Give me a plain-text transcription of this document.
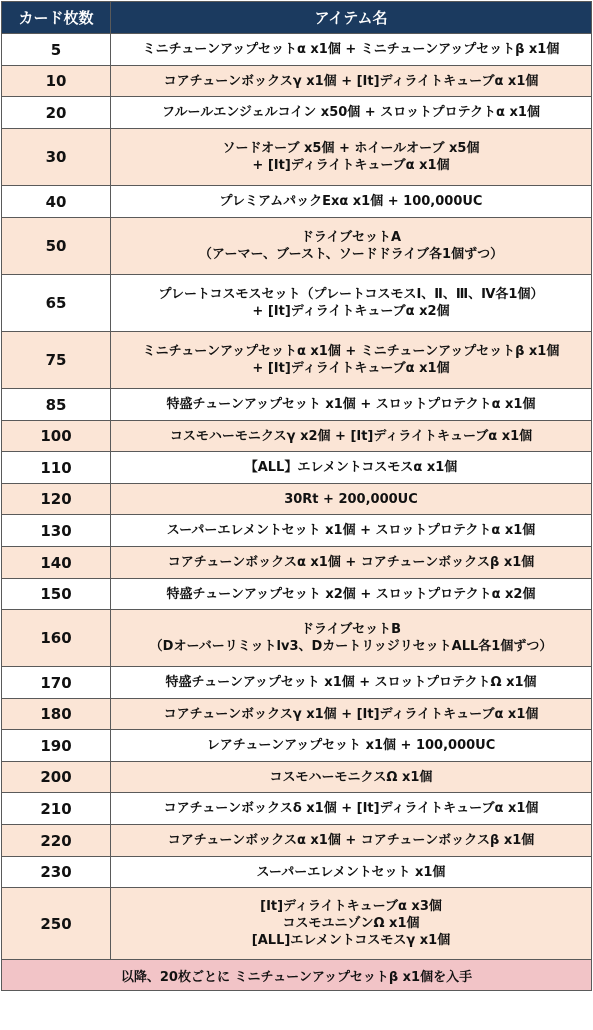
カード枚数	アイテム名
5	ミニチューンアップセットα x1個 + ミニチューンアップセットβ x1個
10	コアチューンボックスγ x1個 + [It]ディライトキューブα x1個
20	フルールエンジェルコイン x50個 + スロットプロテクトα x1個
30	ソードオーブ x5個 + ホイールオーブ x5個
+ [It]ディライトキューブα x1個
40	プレミアムパックExα x1個 + 100,000UC
50	ドライブセットA
（アーマー、ブースト、ソードドライブ各1個ずつ）
65	プレートコスモスセット（プレートコスモスⅠ、Ⅱ、Ⅲ、Ⅳ各1個）
+ [It]ディライトキューブα x2個
75	ミニチューンアップセットα x1個 + ミニチューンアップセットβ x1個
+ [It]ディライトキューブα x1個
85	特盛チューンアップセット x1個 + スロットプロテクトα x1個
100	コスモハーモニクスγ x2個 + [It]ディライトキューブα x1個
110	【ALL】エレメントコスモスα x1個
120	30Rt + 200,000UC
130	スーパーエレメントセット x1個 + スロットプロテクトα x1個
140	コアチューンボックスα x1個 + コアチューンボックスβ x1個
150	特盛チューンアップセット x2個 + スロットプロテクトα x2個
160	ドライブセットB
（Dオーバーリミットlv3、DカートリッジリセットALL各1個ずつ）
170	特盛チューンアップセット x1個 + スロットプロテクトΩ x1個
180	コアチューンボックスγ x1個 + [It]ディライトキューブα x1個
190	レアチューンアップセット x1個 + 100,000UC
200	コスモハーモニクスΩ x1個
210	コアチューンボックスδ x1個 + [It]ディライトキューブα x1個
220	コアチューンボックスα x1個 + コアチューンボックスβ x1個
230	スーパーエレメントセット x1個
250	[It]ディライトキューブα x3個
コスモユニゾンΩ x1個
[ALL]エレメントコスモスγ x1個
以降、20枚ごとに ミニチューンアップセットβ x1個を入手	
